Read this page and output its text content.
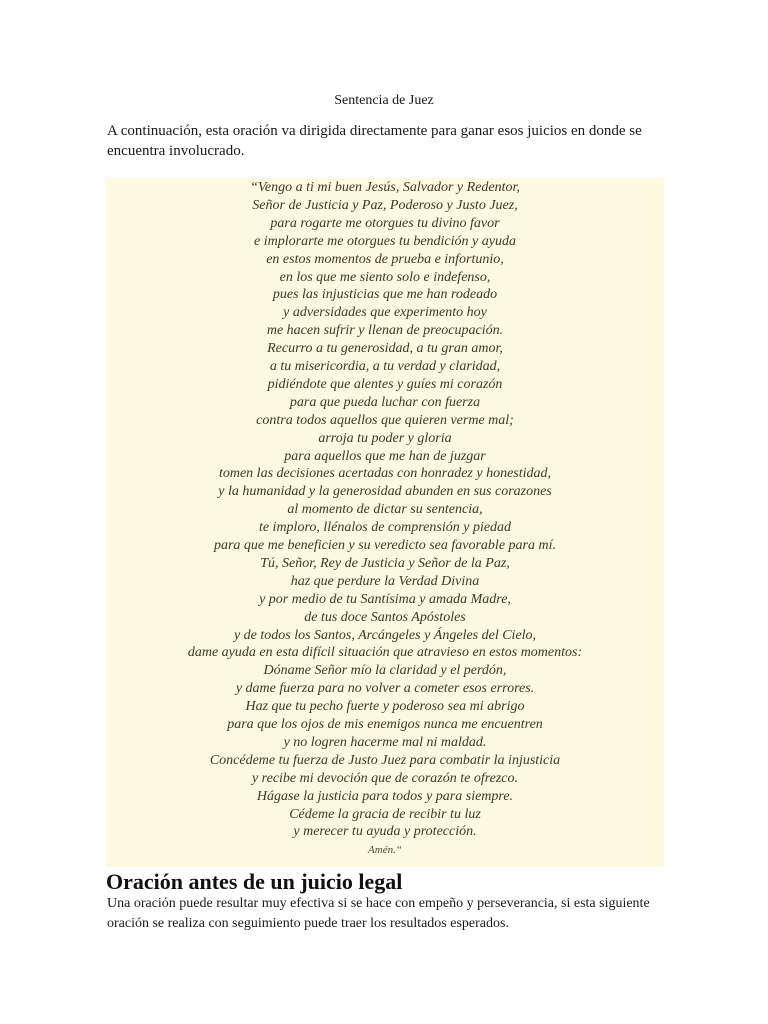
Sentencia de Juez

A continuación, esta oración va dirigida directamente para ganar esos juicios en donde se encuentra involucrado.

“Vengo a ti mi buen Jesús, Salvador y Redentor,
Señor de Justicia y Paz, Poderoso y Justo Juez,
para rogarte me otorgues tu divino favor
e implorarte me otorgues tu bendición y ayuda
en estos momentos de prueba e infortunio,
en los que me siento solo e indefenso,
pues las injusticias que me han rodeado
y adversidades que experimento hoy
me hacen sufrir y llenan de preocupación.
Recurro a tu generosidad, a tu gran amor,
a tu misericordia, a tu verdad y claridad,
pidiéndote que alentes y guíes mi corazón
para que pueda luchar con fuerza
contra todos aquellos que quieren verme mal;
arroja tu poder y gloria
para aquellos que me han de juzgar
tomen las decisiones acertadas con honradez y honestidad,
y la humanidad y la generosidad abunden en sus corazones
al momento de dictar su sentencia,
te imploro, llénalos de comprensión y piedad
para que me beneficien y su veredicto sea favorable para mí.
Tú, Señor, Rey de Justicia y Señor de la Paz,
haz que perdure la Verdad Divina
y por medio de tu Santísima y amada Madre,
de tus doce Santos Apóstoles
y de todos los Santos, Arcángeles y Ángeles del Cielo,
dame ayuda en esta difícil situación que atravieso en estos momentos:
Dóname Señor mío la claridad y el perdón,
y dame fuerza para no volver a cometer esos errores.
Haz que tu pecho fuerte y poderoso sea mi abrigo
para que los ojos de mis enemigos nunca me encuentren
y no logren hacerme mal ni maldad.
Concédeme tu fuerza de Justo Juez para combatir la injusticia
y recibe mi devoción que de corazón te ofrezco.
Hágase la justicia para todos y para siempre.
Cédeme la gracia de recibir tu luz
y merecer tu ayuda y protección.
Amén.“
Oración antes de un juicio legal

Una oración puede resultar muy efectiva si se hace con empeño y perseverancia, si esta siguiente oración se realiza con seguimiento puede traer los resultados esperados.
